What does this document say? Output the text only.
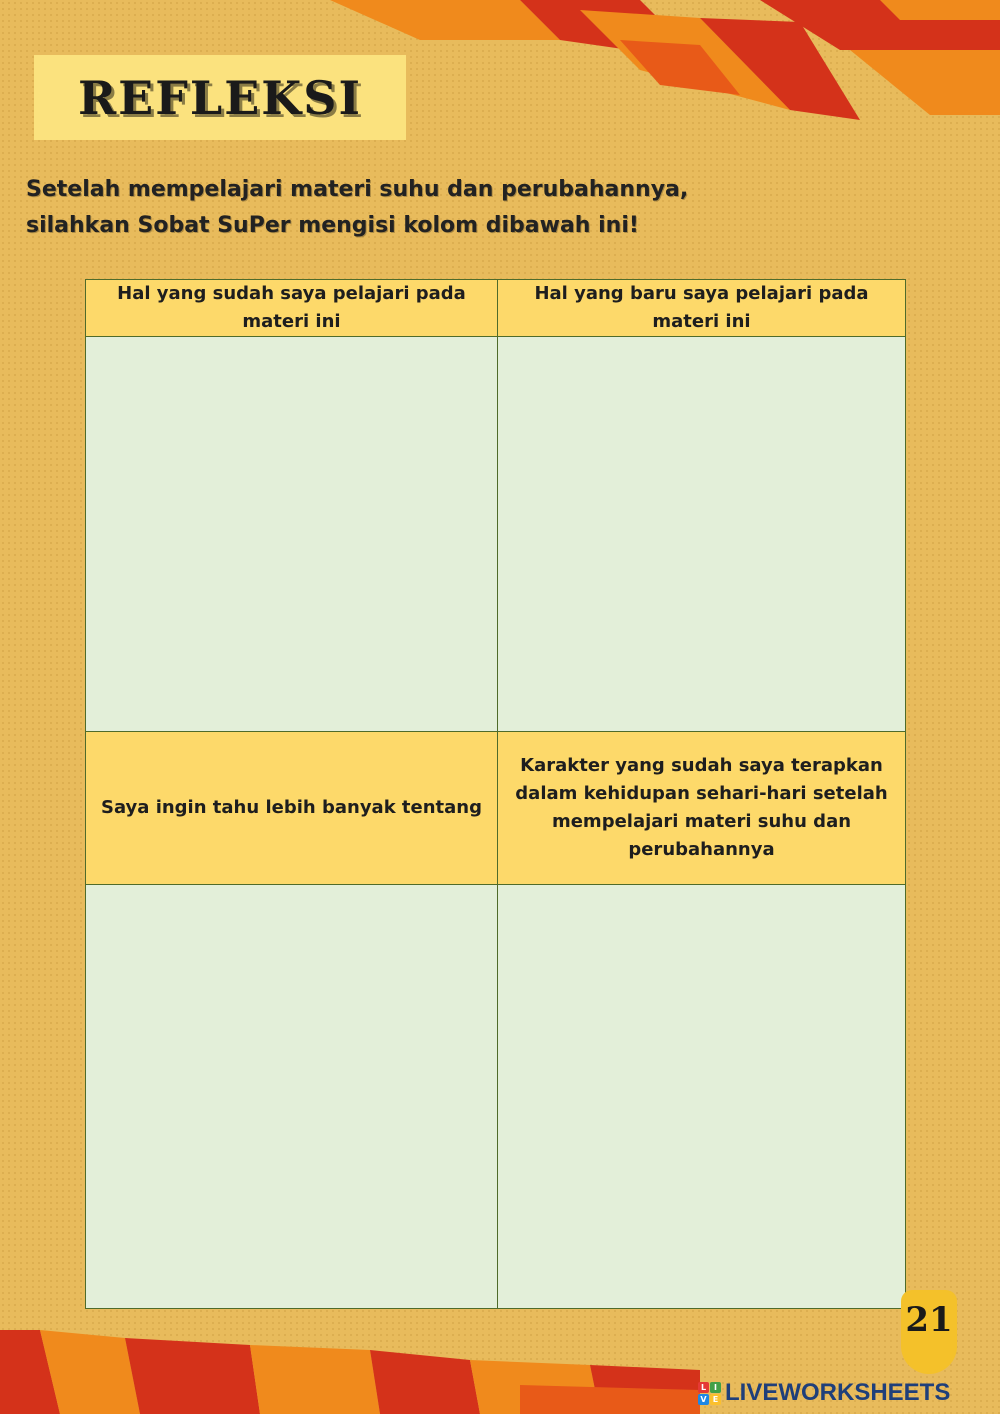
REFLEKSI
Setelah mempelajari materi suhu dan perubahannya,
silahkan Sobat SuPer mengisi kolom dibawah ini!
Hal yang sudah saya pelajari pada materi ini	Hal yang baru saya pelajari pada materi ini

Saya ingin tahu lebih banyak tentang	Karakter yang sudah saya terapkan dalam kehidupan sehari-hari setelah mempelajari materi suhu dan perubahannya

21
L I
V E LIVEWORKSHEETS
